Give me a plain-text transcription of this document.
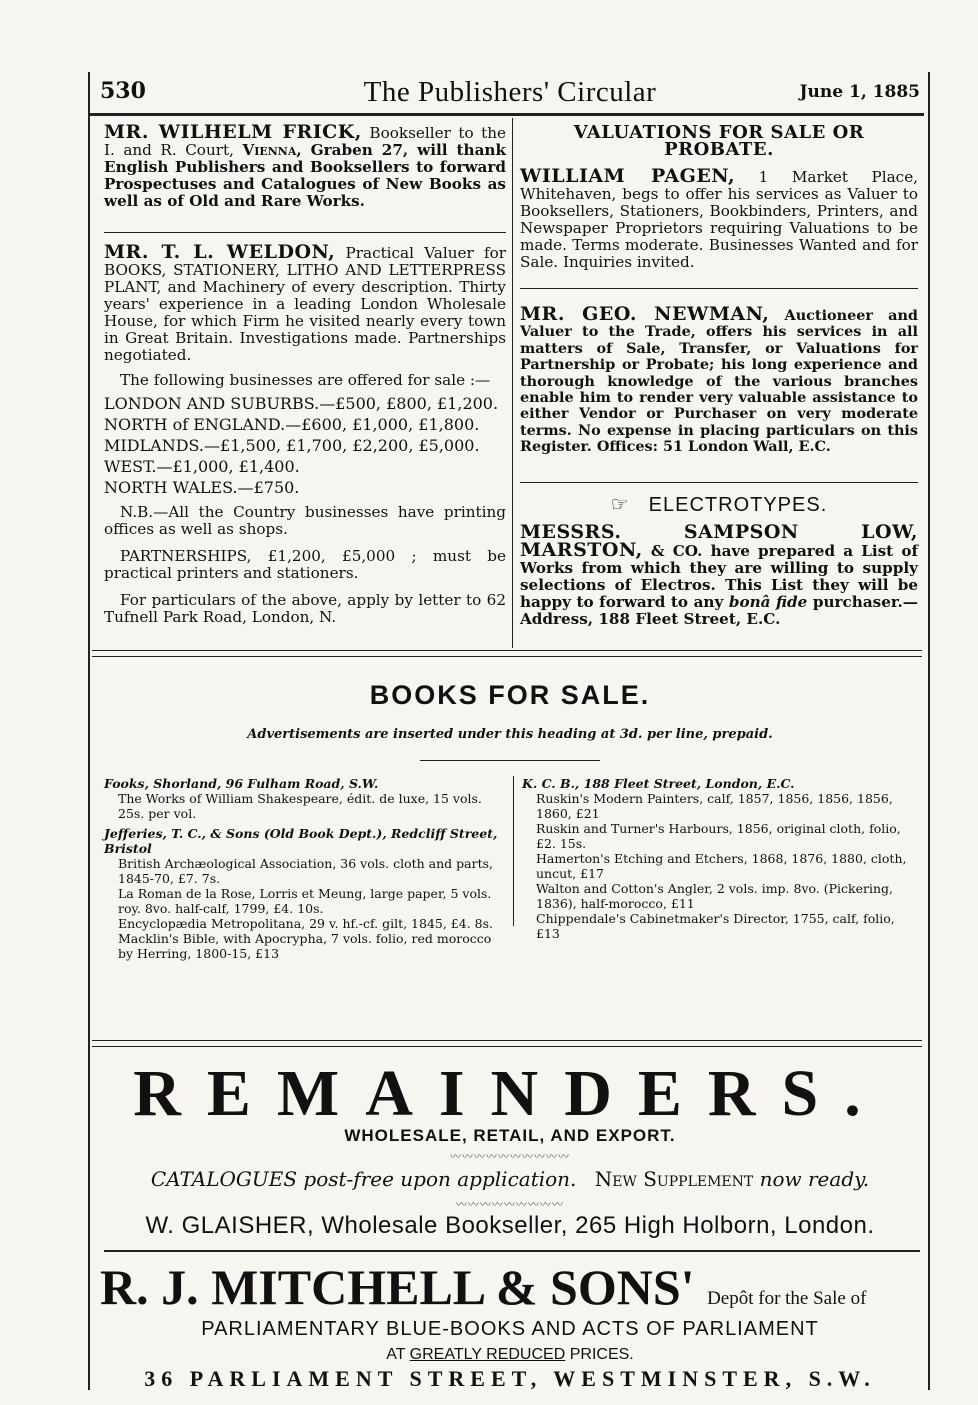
530	The Publishers' Circular	June 1, 1885

MR. WILHELM FRICK, Bookseller to the I. and R. Court, Vienna, Graben 27, will thank English Publishers and Booksellers to forward Prospectuses and Catalogues of New Books as well as of Old and Rare Works.

MR. T. L. WELDON, Practical Valuer for BOOKS, STATIONERY, LITHO AND LETTERPRESS PLANT, and Machinery of every description. Thirty years' experience in a leading London Wholesale House, for which Firm he visited nearly every town in Great Britain. Investigations made. Partnerships negotiated.

The following businesses are offered for sale :—

LONDON AND SUBURBS.—£500, £800, £1,200.

NORTH of ENGLAND.—£600, £1,000, £1,800.

MIDLANDS.—£1,500, £1,700, £2,200, £5,000.

WEST.—£1,000, £1,400.

NORTH WALES.—£750.

N.B.—All the Country businesses have printing offices as well as shops.

PARTNERSHIPS, £1,200, £5,000 ; must be practical printers and stationers.

For particulars of the above, apply by letter to 62 Tufnell Park Road, London, N.

VALUATIONS FOR SALE OR PROBATE.

WILLIAM PAGEN, 1 Market Place, Whitehaven, begs to offer his services as Valuer to Booksellers, Stationers, Bookbinders, Printers, and Newspaper Proprietors requiring Valuations to be made. Terms moderate. Businesses Wanted and for Sale. Inquiries invited.

MR. GEO. NEWMAN, Auctioneer and Valuer to the Trade, offers his services in all matters of Sale, Transfer, or Valuations for Partnership or Probate; his long experience and thorough knowledge of the various branches enable him to render very valuable assistance to either Vendor or Purchaser on very moderate terms. No expense in placing particulars on this Register. Offices: 51 London Wall, E.C.

☞ ELECTROTYPES.

MESSRS. SAMPSON LOW, MARSTON, & CO. have prepared a List of Works from which they are willing to supply selections of Electros. This List they will be happy to forward to any bonâ fide purchaser.—Address, 188 Fleet Street, E.C.

BOOKS FOR SALE.
Advertisements are inserted under this heading at 3d. per line, prepaid.

Fooks, Shorland, 96 Fulham Road, S.W.

The Works of William Shakespeare, édit. de luxe, 15 vols. 25s. per vol.

Jefferies, T. C., & Sons (Old Book Dept.), Redcliff Street, Bristol

British Archæological Association, 36 vols. cloth and parts, 1845-70, £7. 7s.

La Roman de la Rose, Lorris et Meung, large paper, 5 vols. roy. 8vo. half-calf, 1799, £4. 10s.

Encyclopædia Metropolitana, 29 v. hf.-cf. gilt, 1845, £4. 8s.

Macklin's Bible, with Apocrypha, 7 vols. folio, red morocco by Herring, 1800-15, £13

K. C. B., 188 Fleet Street, London, E.C.

Ruskin's Modern Painters, calf, 1857, 1856, 1856, 1856, 1860, £21

Ruskin and Turner's Harbours, 1856, original cloth, folio, £2. 15s.

Hamerton's Etching and Etchers, 1868, 1876, 1880, cloth, uncut, £17

Walton and Cotton's Angler, 2 vols. imp. 8vo. (Pickering, 1836), half-morocco, £11

Chippendale's Cabinetmaker's Director, 1755, calf, folio, £13

REMAINDERS.
WHOLESALE, RETAIL, AND EXPORT.
〰〰〰〰〰〰〰〰〰〰
CATALOGUES post-free upon application. New Supplement now ready.
〰〰〰〰〰〰〰〰〰
W. GLAISHER, Wholesale Bookseller, 265 High Holborn, London.
R. J. MITCHELL & SONS' Depôt for the Sale of
PARLIAMENTARY BLUE-BOOKS AND ACTS OF PARLIAMENT
AT GREATLY REDUCED PRICES.
36 PARLIAMENT STREET, WESTMINSTER, S.W.
